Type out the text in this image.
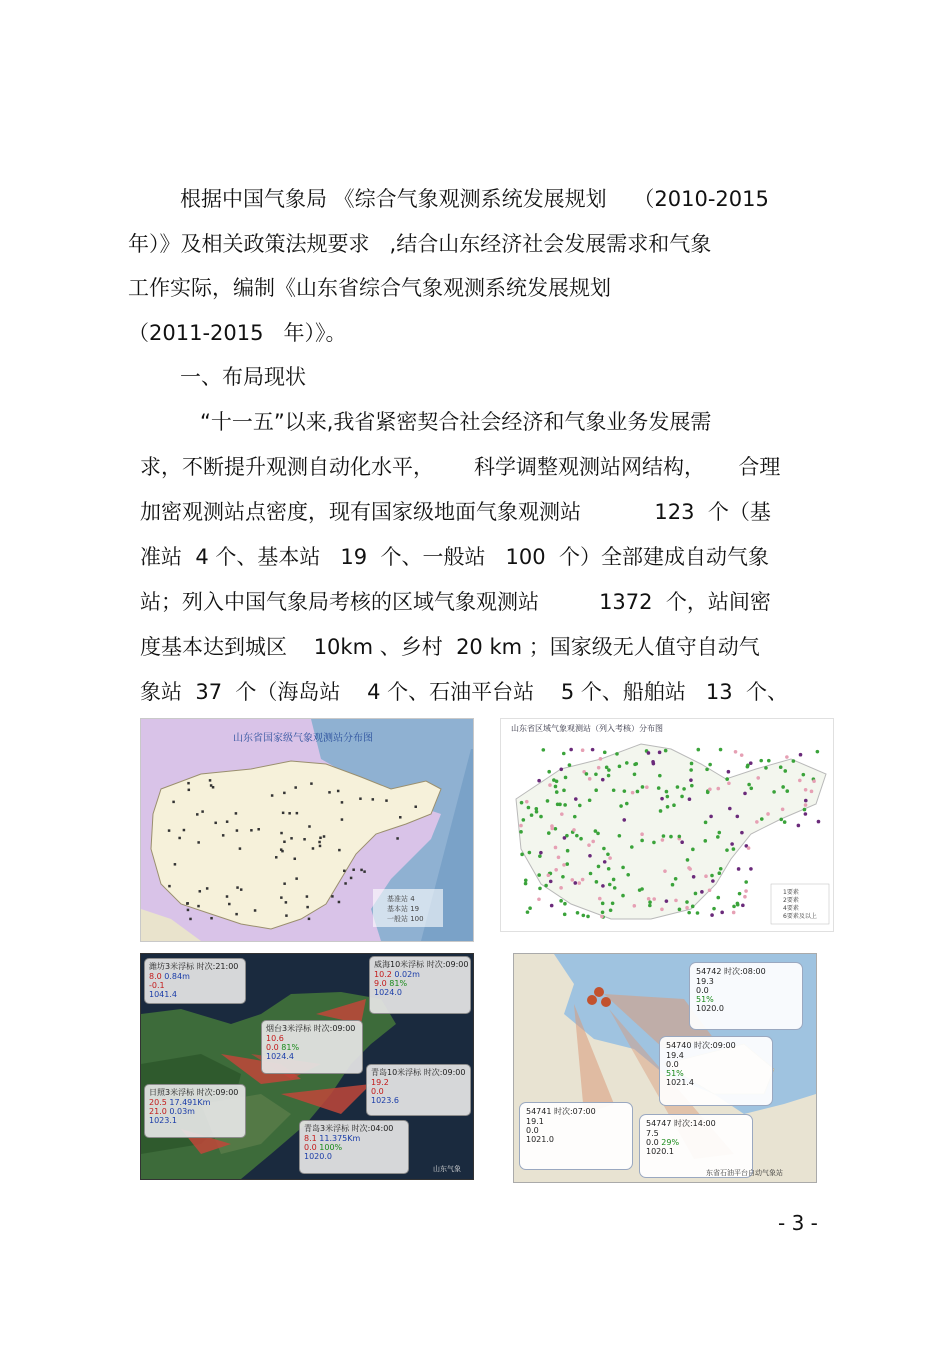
根据中国气象局 《综合气象观测系统发展规划    （2010-2015
年）》及相关政策法规要求   ,结合山东经济社会发展需求和气象
工作实际，编制《山东省综合气象观测系统发展规划
（2011-2015   年）》。
一、布局现状
“十一五”以来,我省紧密契合社会经济和气象业务发展需
求，不断提升观测自动化水平，      科学调整观测站网结构，     合理
加密观测站点密度，现有国家级地面气象观测站           123  个（基
准站  4 个、基本站   19  个、一般站   100  个）全部建成自动气象
站；列入中国气象局考核的区域气象观测站         1372  个，站间密
度基本达到城区    10km 、乡村  20 km ；国家级无人值守自动气
象站  37  个（海岛站    4 个、石油平台站    5 个、船舶站   13  个、
山东省国家级气象观测站分布图
基准站 4
基本站 19
一般站 100
山东省区域气象观测站（列入考核）分布图
1要素
2要素
4要素
6要素及以上
潍坊3米浮标 时次:21:00
8.0 0.84m
-0.1
1041.4
威海10米浮标 时次:09:00
10.2 0.02m
9.0 81%
1024.0
烟台3米浮标 时次:09:00
10.6
0.0 81%
1024.4
青岛10米浮标 时次:09:00
19.2
0.0
1023.6
日照3米浮标 时次:09:00
20.5 17.491Km
21.0 0.03m
1023.1
青岛3米浮标 时次:04:00
8.1 11.375Km
0.0 100%
1020.0
山东气象
54742 时次:08:00
19.3
0.0
51%
1020.0
54740 时次:09:00
19.4
0.0
51%
1021.4
54741 时次:07:00
19.1
0.0
1021.0
54747 时次:14:00
7.5
0.0 29%
1020.1
东省石油平台自动气象站
- 3 -
